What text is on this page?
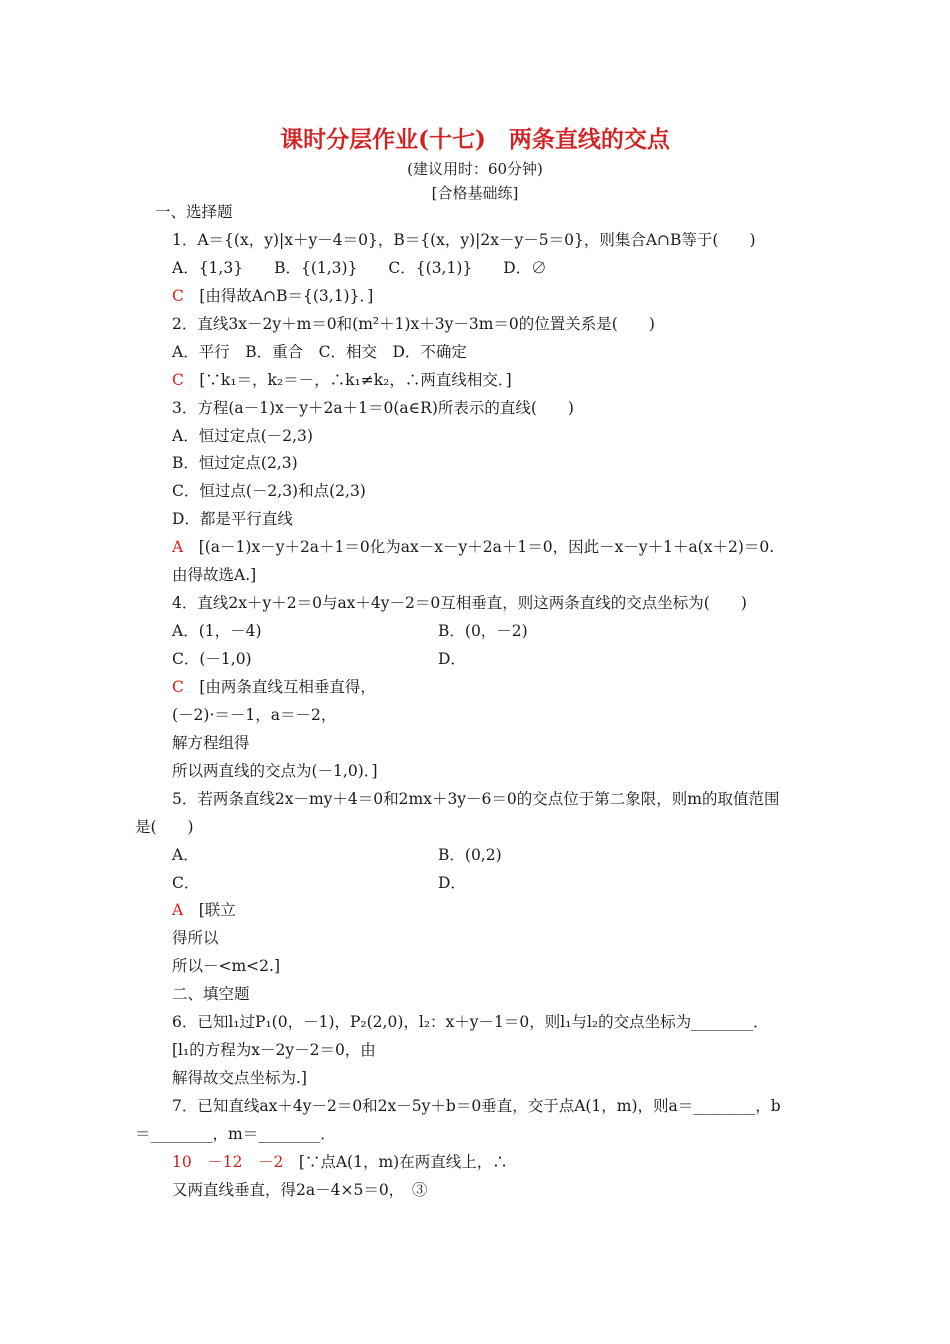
课时分层作业(十七)　两条直线的交点
(建议用时：60分钟)
[合格基础练]
一、选择题
1．A＝{(x，y)|x＋y－4＝0}，B＝{(x，y)|2x－y－5＝0}，则集合A∩B等于(　　)
A．{1,3}　　B．{(1,3)}　　C．{(3,1)}　　D．∅
C　[由得故A∩B＝{(3,1)}．]
2．直线3x－2y＋m＝0和(m²＋1)x＋3y－3m＝0的位置关系是(　　)
A．平行　B．重合　C．相交　D．不确定
C　[∵k₁＝，k₂＝－，∴k₁≠k₂，∴两直线相交．]
3．方程(a－1)x－y＋2a＋1＝0(a∈R)所表示的直线(　　)
A．恒过定点(－2,3)
B．恒过定点(2,3)
C．恒过点(－2,3)和点(2,3)
D．都是平行直线
A　[(a－1)x－y＋2a＋1＝0化为ax－x－y＋2a＋1＝0，因此－x－y＋1＋a(x＋2)＝0.
由得故选A.]
4．直线2x＋y＋2＝0与ax＋4y－2＝0互相垂直，则这两条直线的交点坐标为(　　)
A．(1，－4)	B．(0，－2)
C．(－1,0)	D．
C　[由两条直线互相垂直得，
(－2)·＝－1，a＝－2，
解方程组得
所以两直线的交点为(－1,0)．]
5．若两条直线2x－my＋4＝0和2mx＋3y－6＝0的交点位于第二象限，则m的取值范围
是(　　)
A．	B．(0,2)
C．	D．
A　[联立
得所以
所以－<m<2.]
二、填空题
6．已知l₁过P₁(0，－1)，P₂(2,0)，l₂：x＋y－1＝0，则l₁与l₂的交点坐标为________．
[l₁的方程为x－2y－2＝0，由
解得故交点坐标为.]
7．已知直线ax＋4y－2＝0和2x－5y＋b＝0垂直，交于点A(1，m)，则a＝________，b
＝________，m＝________．
10　－12　－2　[∵点A(1，m)在两直线上，∴
又两直线垂直，得2a－4×5＝0，　③
